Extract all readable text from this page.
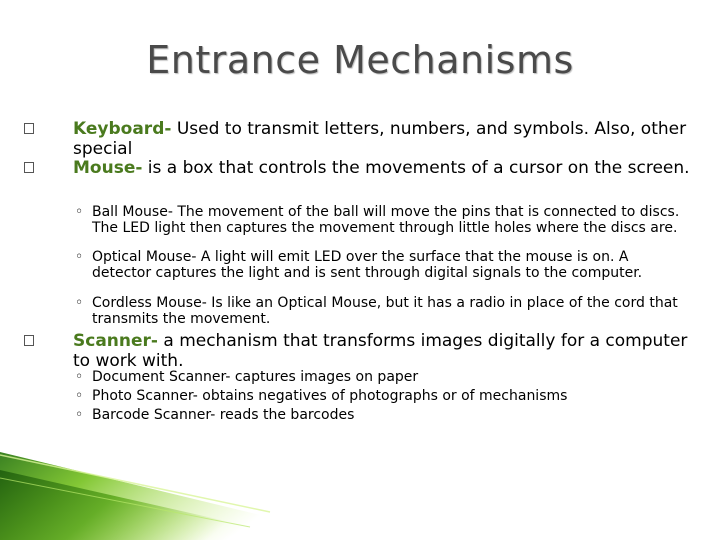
Entrance Mechanisms
Keyboard- Used to transmit letters, numbers, and symbols. Also, other special
Mouse- is a box that controls the movements of a cursor on the screen.
◦ Ball Mouse- The movement of the ball will move the pins that is connected to discs. The LED light then captures the movement through little holes where the discs are.
◦ Optical Mouse- A light will emit LED over the surface that the mouse is on. A detector captures the light and is sent through digital signals to the computer.
◦ Cordless Mouse- Is like an Optical Mouse, but it has a radio in place of the cord that transmits the movement.
Scanner- a mechanism that transforms images digitally for a computer to work with.
◦ Document Scanner- captures images on paper
◦ Photo Scanner- obtains negatives of photographs or of mechanisms
◦ Barcode Scanner- reads the barcodes
